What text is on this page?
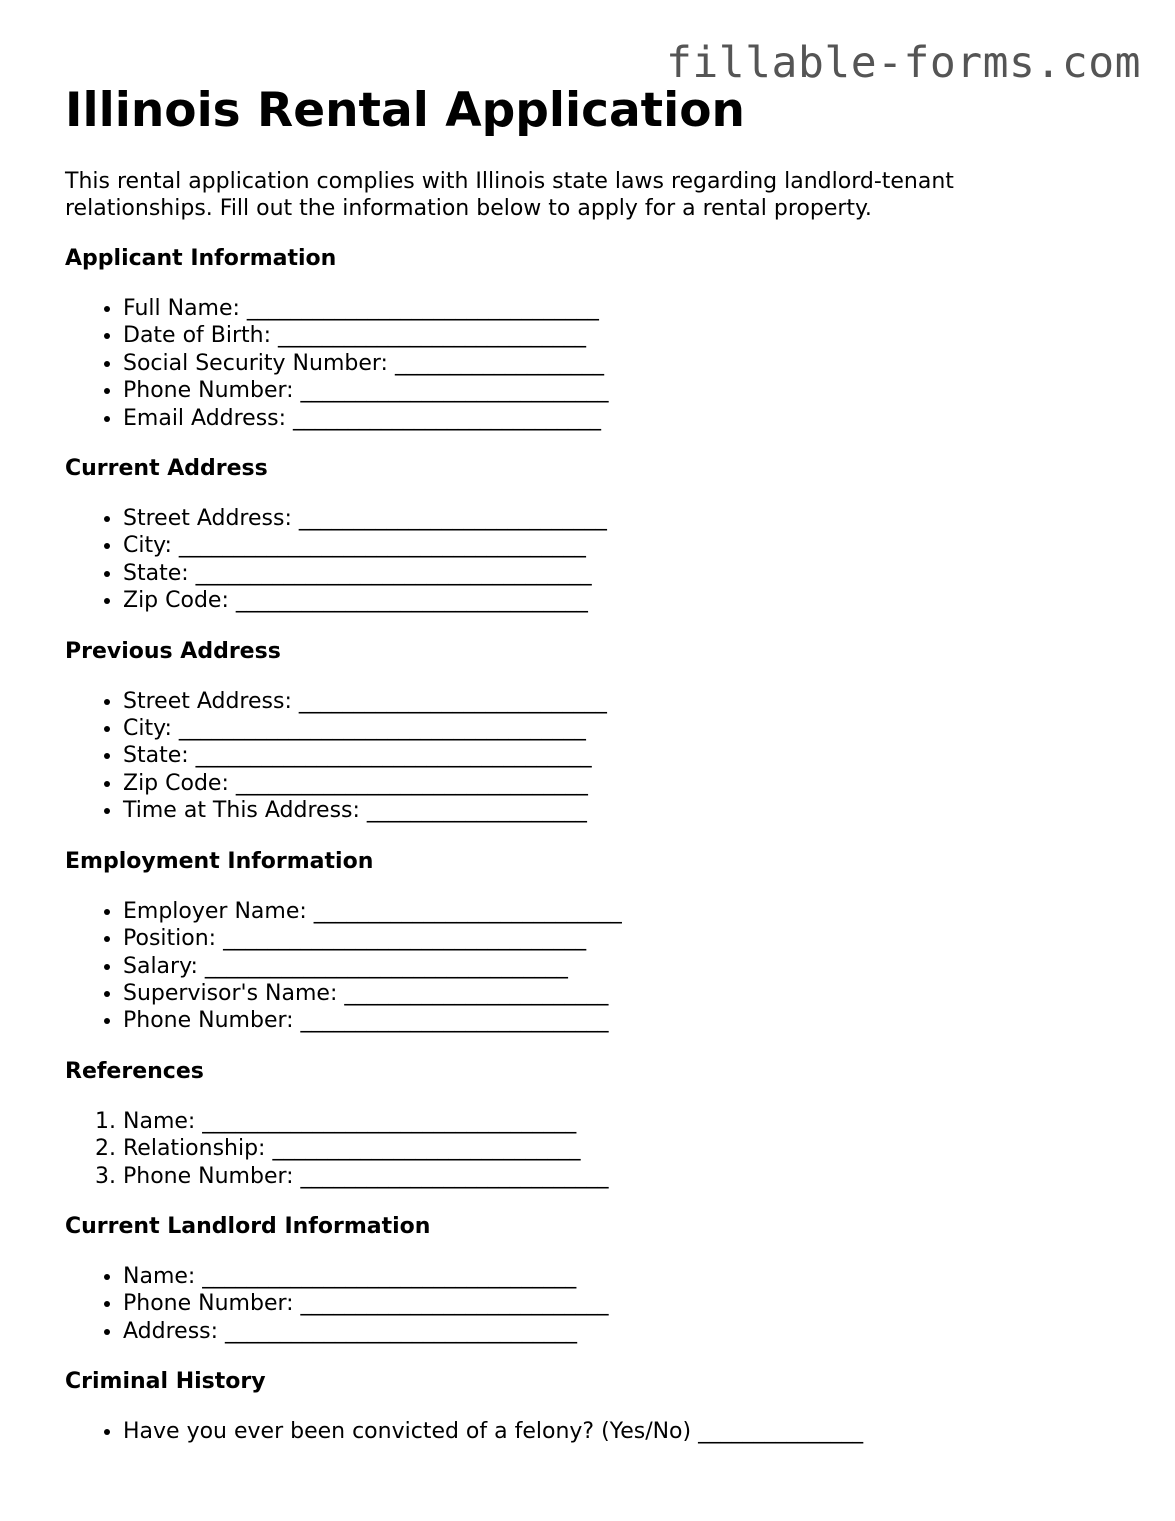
fillable-forms.com
Illinois Rental Application

This rental application complies with Illinois state laws regarding landlord-tenant relationships. Fill out the information below to apply for a rental property.

Applicant Information
• Full Name: ________________________________
• Date of Birth: ____________________________
• Social Security Number: ___________________
• Phone Number: ____________________________
• Email Address: ____________________________
Current Address
• Street Address: ____________________________
• City: _____________________________________
• State: ____________________________________
• Zip Code: ________________________________
Previous Address
• Street Address: ____________________________
• City: _____________________________________
• State: ____________________________________
• Zip Code: ________________________________
• Time at This Address: ____________________
Employment Information
• Employer Name: ____________________________
• Position: _________________________________
• Salary: _________________________________
• Supervisor's Name: ________________________
• Phone Number: ____________________________
References
1. Name: __________________________________
2. Relationship: ____________________________
3. Phone Number: ____________________________
Current Landlord Information
• Name: __________________________________
• Phone Number: ____________________________
• Address: ________________________________
Criminal History
• Have you ever been convicted of a felony? (Yes/No) _______________
